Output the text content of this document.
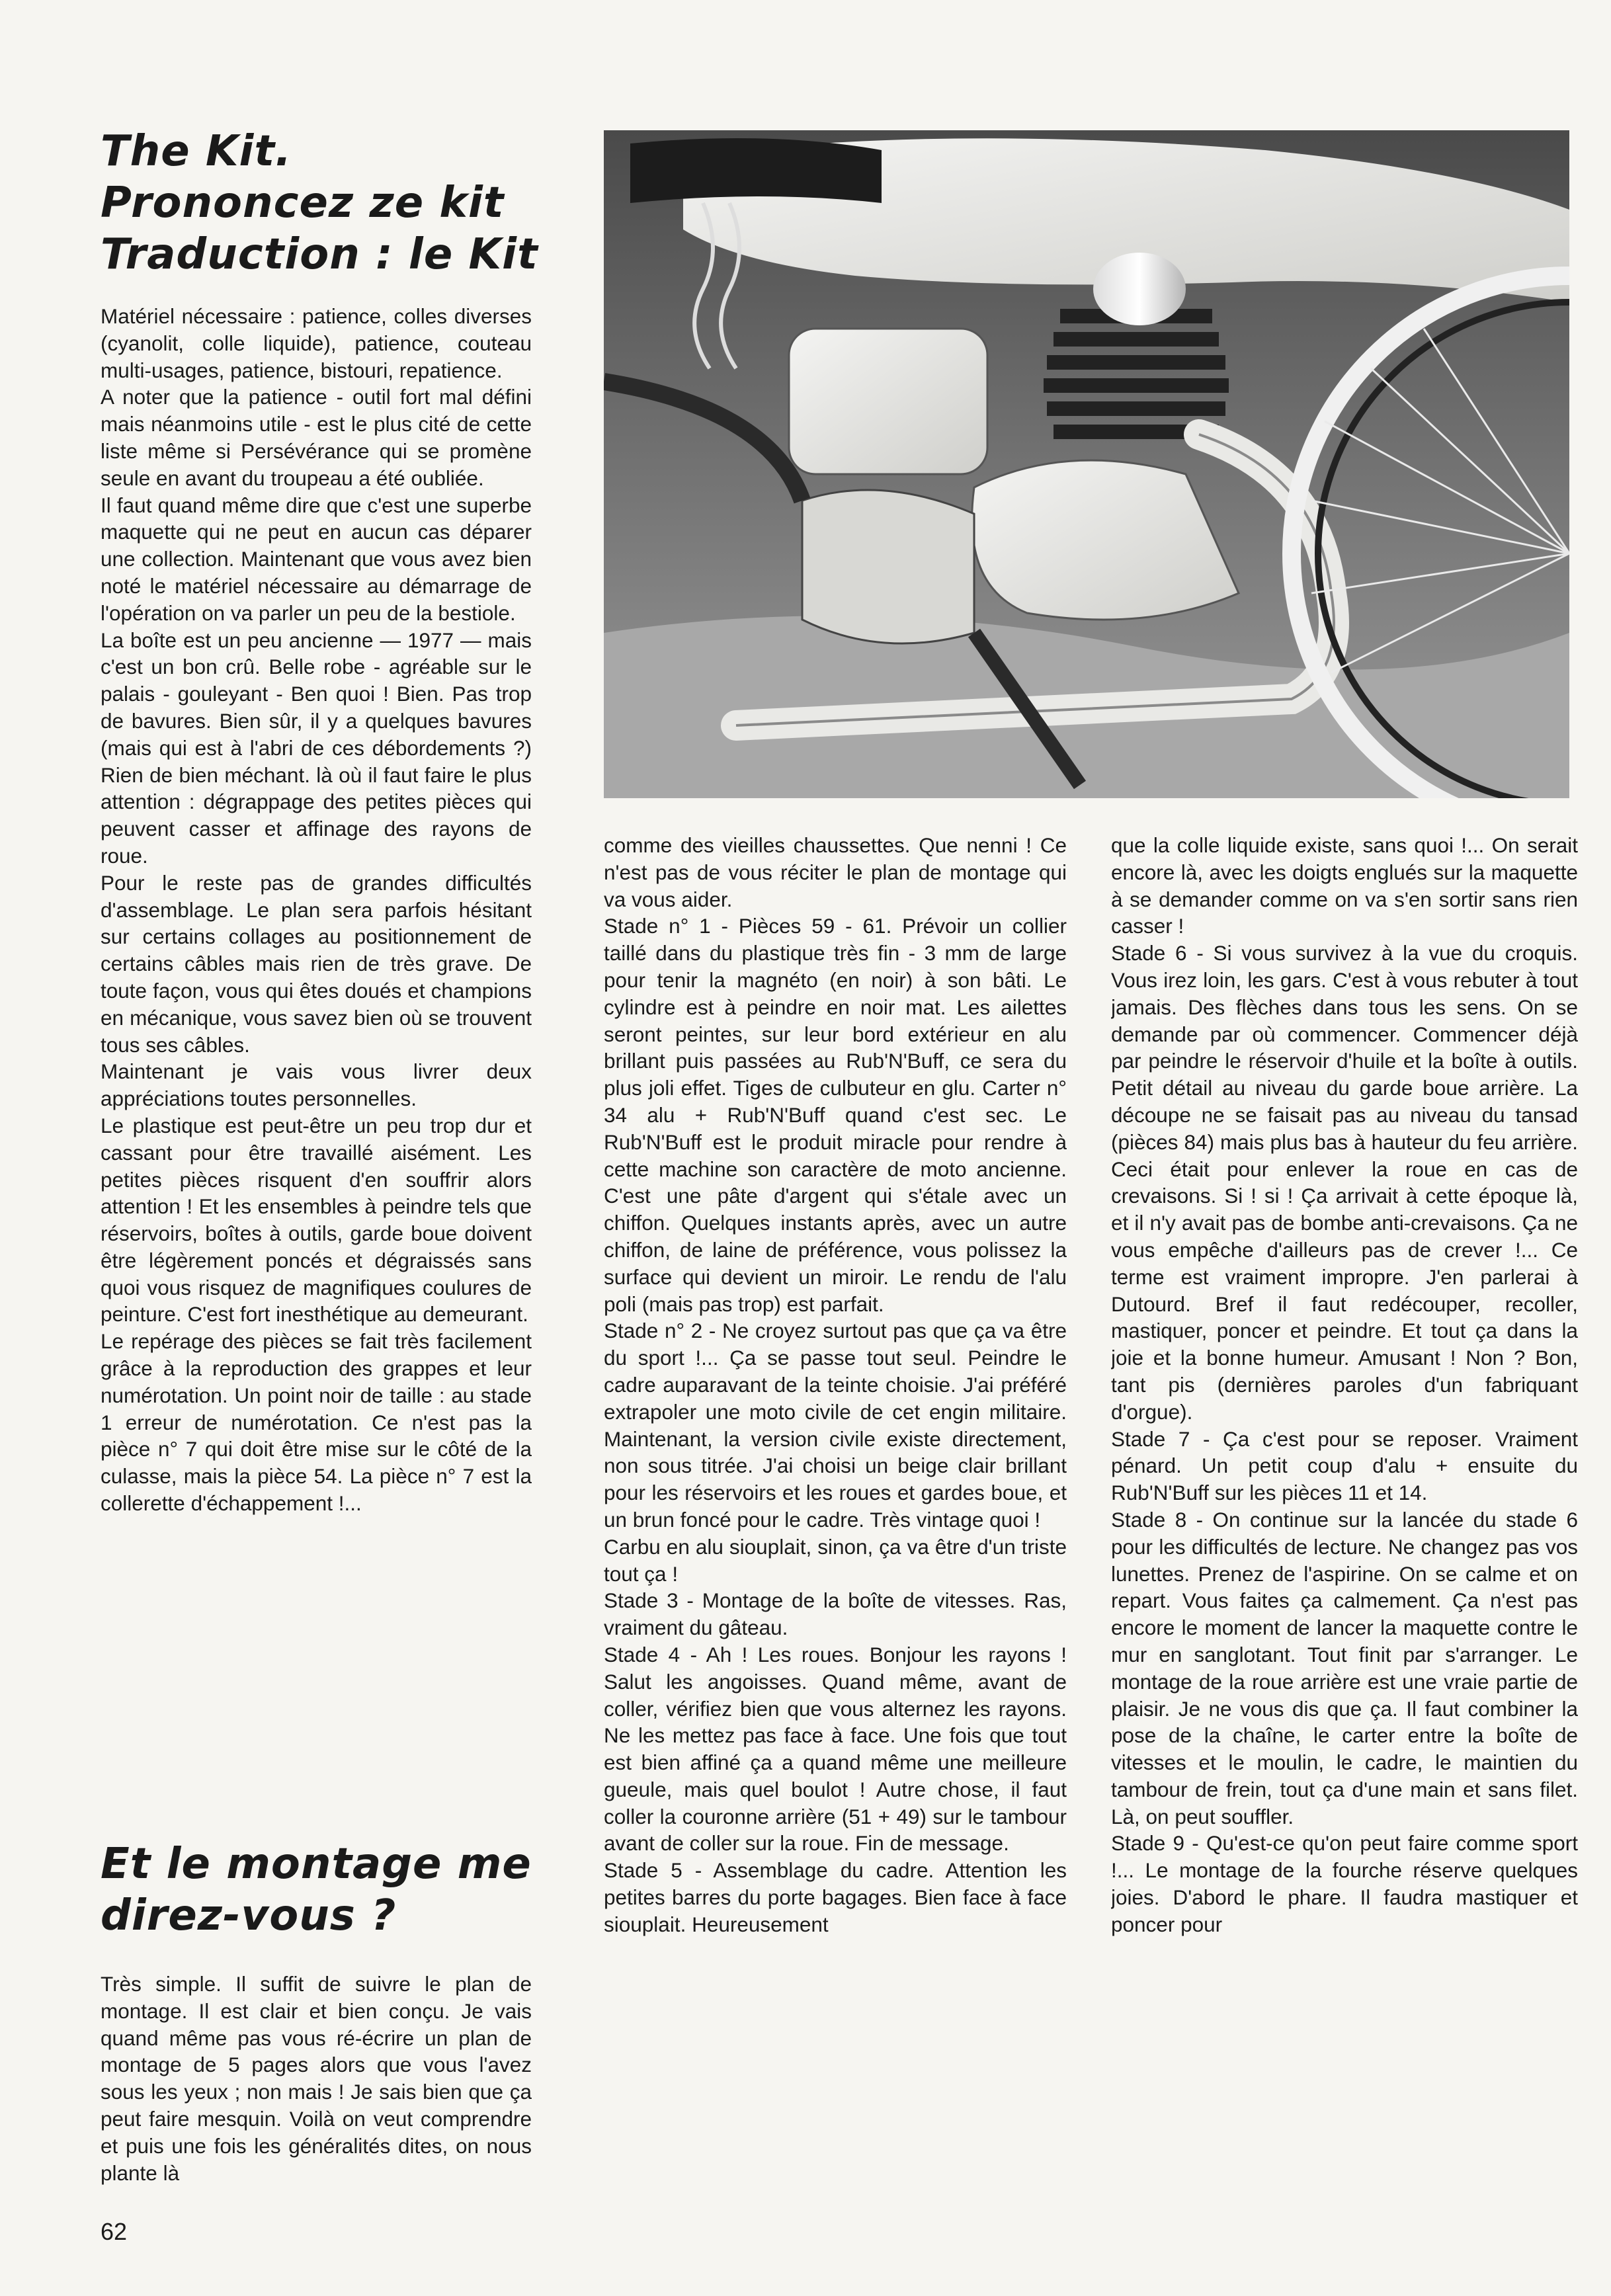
The Kit.
Prononcez ze kit
Traduction : le Kit

Matériel nécessaire : patience, colles diverses (cyanolit, colle liquide), patience, couteau multi-usages, patience, bistouri, repatience.

A noter que la patience - outil fort mal défini mais néanmoins utile - est le plus cité de cette liste même si Persévérance qui se promène seule en avant du troupeau a été oubliée.

Il faut quand même dire que c'est une superbe maquette qui ne peut en aucun cas déparer une collection. Maintenant que vous avez bien noté le matériel nécessaire au démarrage de l'opération on va parler un peu de la bestiole.

La boîte est un peu ancienne — 1977 — mais c'est un bon crû. Belle robe - agréable sur le palais - gouleyant - Ben quoi ! Bien. Pas trop de bavures. Bien sûr, il y a quelques bavures (mais qui est à l'abri de ces débordements ?) Rien de bien méchant. là où il faut faire le plus attention : dégrappage des petites pièces qui peuvent casser et affinage des rayons de roue.

Pour le reste pas de grandes difficultés d'assemblage. Le plan sera parfois hésitant sur certains collages au positionnement de certains câbles mais rien de très grave. De toute façon, vous qui êtes doués et champions en mécanique, vous savez bien où se trouvent tous ses câbles.

Maintenant je vais vous livrer deux appréciations toutes personnelles.

Le plastique est peut-être un peu trop dur et cassant pour être travaillé aisément. Les petites pièces risquent d'en souffrir alors attention ! Et les ensembles à peindre tels que réservoirs, boîtes à outils, garde boue doivent être légèrement poncés et dégraissés sans quoi vous risquez de magnifiques coulures de peinture. C'est fort inesthétique au demeurant.

Le repérage des pièces se fait très facilement grâce à la reproduction des grappes et leur numérotation. Un point noir de taille : au stade 1 erreur de numérotation. Ce n'est pas la pièce n° 7 qui doit être mise sur le côté de la culasse, mais la pièce 54. La pièce n° 7 est la collerette d'échappement !...

Et le montage me
direz-vous ?

Très simple. Il suffit de suivre le plan de montage. Il est clair et bien conçu. Je vais quand même pas vous ré-écrire un plan de montage de 5 pages alors que vous l'avez sous les yeux ; non mais ! Je sais bien que ça peut faire mesquin. Voilà on veut comprendre et puis une fois les généralités dites, on nous plante là

comme des vieilles chaussettes. Que nenni ! Ce n'est pas de vous réciter le plan de montage qui va vous aider.

Stade n° 1 - Pièces 59 - 61. Prévoir un collier taillé dans du plastique très fin - 3 mm de large pour tenir la magnéto (en noir) à son bâti. Le cylindre est à peindre en noir mat. Les ailettes seront peintes, sur leur bord extérieur en alu brillant puis passées au Rub'N'Buff, ce sera du plus joli effet. Tiges de culbuteur en glu. Carter n° 34 alu + Rub'N'Buff quand c'est sec. Le Rub'N'Buff est le produit miracle pour rendre à cette machine son caractère de moto ancienne. C'est une pâte d'argent qui s'étale avec un chiffon. Quelques instants après, avec un autre chiffon, de laine de préférence, vous polissez la surface qui devient un miroir. Le rendu de l'alu poli (mais pas trop) est parfait.

Stade n° 2 - Ne croyez surtout pas que ça va être du sport !... Ça se passe tout seul. Peindre le cadre auparavant de la teinte choisie. J'ai préféré extrapoler une moto civile de cet engin militaire. Maintenant, la version civile existe directement, non sous titrée. J'ai choisi un beige clair brillant pour les réservoirs et les roues et gardes boue, et un brun foncé pour le cadre. Très vintage quoi !

Carbu en alu siouplait, sinon, ça va être d'un triste tout ça !

Stade 3 - Montage de la boîte de vitesses. Ras, vraiment du gâteau.

Stade 4 - Ah ! Les roues. Bonjour les rayons ! Salut les angoisses. Quand même, avant de coller, vérifiez bien que vous alternez les rayons. Ne les mettez pas face à face. Une fois que tout est bien affiné ça a quand même une meilleure gueule, mais quel boulot ! Autre chose, il faut coller la couronne arrière (51 + 49) sur le tambour avant de coller sur la roue. Fin de message.

Stade 5 - Assemblage du cadre. Attention les petites barres du porte bagages. Bien face à face siouplait. Heureusement

que la colle liquide existe, sans quoi !... On serait encore là, avec les doigts englués sur la maquette à se demander comme on va s'en sortir sans rien casser !

Stade 6 - Si vous survivez à la vue du croquis. Vous irez loin, les gars. C'est à vous rebuter à tout jamais. Des flèches dans tous les sens. On se demande par où commencer. Commencer déjà par peindre le réservoir d'huile et la boîte à outils. Petit détail au niveau du garde boue arrière. La découpe ne se faisait pas au niveau du tansad (pièces 84) mais plus bas à hauteur du feu arrière. Ceci était pour enlever la roue en cas de crevaisons. Si ! si ! Ça arrivait à cette époque là, et il n'y avait pas de bombe anti-crevaisons. Ça ne vous empêche d'ailleurs pas de crever !... Ce terme est vraiment impropre. J'en parlerai à Dutourd. Bref il faut redécouper, recoller, mastiquer, poncer et peindre. Et tout ça dans la joie et la bonne humeur. Amusant ! Non ? Bon, tant pis (dernières paroles d'un fabriquant d'orgue).

Stade 7 - Ça c'est pour se reposer. Vraiment pénard. Un petit coup d'alu + ensuite du Rub'N'Buff sur les pièces 11 et 14.

Stade 8 - On continue sur la lancée du stade 6 pour les difficultés de lecture. Ne changez pas vos lunettes. Prenez de l'aspirine. On se calme et on repart. Vous faites ça calmement. Ça n'est pas encore le moment de lancer la maquette contre le mur en sanglotant. Tout finit par s'arranger. Le montage de la roue arrière est une vraie partie de plaisir. Je ne vous dis que ça. Il faut combiner la pose de la chaîne, le carter entre la boîte de vitesses et le moulin, le cadre, le maintien du tambour de frein, tout ça d'une main et sans filet. Là, on peut souffler.

Stade 9 - Qu'est-ce qu'on peut faire comme sport !... Le montage de la fourche réserve quelques joies. D'abord le phare. Il faudra mastiquer et poncer pour

62
